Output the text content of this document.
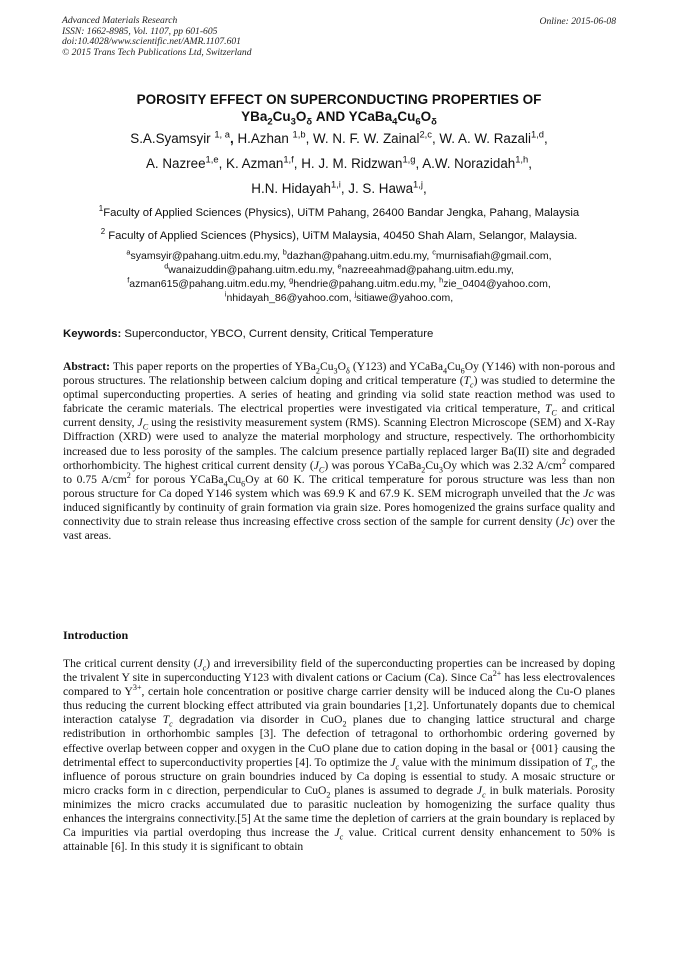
Advanced Materials Research
ISSN: 1662-8985, Vol. 1107, pp 601-605
doi:10.4028/www.scientific.net/AMR.1107.601
© 2015 Trans Tech Publications Ltd, Switzerland
Online: 2015-06-08
POROSITY EFFECT ON SUPERCONDUCTING PROPERTIES OF
$YBa_2Cu_3O_\delta$ AND $YCaBa_4Cu_6O_\delta$
S.A.Syamsyir $^{1, a}$, H.Azhan $^{1,b}$, W. N. F. W. Zainal$^{2,c}$, W. A. W. Razali$^{1,d}$,
A. Nazree$^{1,e}$, K. Azman$^{1,f}$, H. J. M. Ridzwan$^{1,g}$, A.W. Norazidah$^{1,h}$,
H.N. Hidayah$^{1,i}$, J. S. Hawa$^{1,j}$,
$^1$Faculty of Applied Sciences (Physics), UiTM Pahang, 26400 Bandar Jengka, Pahang, Malaysia
$^2$ Faculty of Applied Sciences (Physics), UiTM Malaysia, 40450 Shah Alam, Selangor, Malaysia.
$^a$syamsyir@pahang.uitm.edu.my, $^b$dazhan@pahang.uitm.edu.my, $^c$murnisafiah@gmail.com,
$^d$wanaizuddin@pahang.uitm.edu.my, $^e$nazreeahmad@pahang.uitm.edu.my,
$^f$azman615@pahang.uitm.edu.my, $^g$hendrie@pahang.uitm.edu.my, $^h$zie_0404@yahoo.com,
$^i$nhidayah_86@yahoo.com, $^j$sitiawe@yahoo.com,
Keywords: Superconductor, YBCO, Current density, Critical Temperature
Abstract: This paper reports on the properties of $YBa_2Cu_3O_\delta$ (Y123) and $YCaBa_4Cu_6Oy$ (Y146) with non-porous and porous structures. The relationship between calcium doping and critical temperature $(T_c)$ was studied to determine the optimal superconducting properties. A series of heating and grinding via solid state reaction method was used to fabricate the ceramic materials. The electrical properties were investigated via critical temperature, $T_C$ and critical current density, $J_C$ using the resistivity measurement system (RMS). Scanning Electron Microscope (SEM) and X-Ray Diffraction (XRD) were used to analyze the material morphology and structure, respectively. The orthorhombicity increased due to less porosity of the samples. The calcium presence partially replaced larger Ba(II) site and degraded orthorhombicity. The highest critical current density $(J_C)$ was porous $YCaBa_2Cu_3Oy$ which was 2.32 $A/cm^2$ compared to 0.75 $A/cm^2$ for porous $YCaBa_4Cu_6Oy$ at 60 K. The critical temperature for porous structure was less than non porous structure for Ca doped Y146 system which was 69.9 K and 67.9 K. SEM micrograph unveiled that the Jc was induced significantly by continuity of grain formation via grain size. Pores homogenized the grains surface quality and connectivity due to strain release thus increasing effective cross section of the sample for current density (Jc) over the vast areas.
Introduction
The critical current density $(J_c)$ and irreversibility field of the superconducting properties can be increased by doping the trivalent Y site in superconducting Y123 with divalent cations or Cacium (Ca). Since $Ca^{2+}$ has less electrovalences compared to $Y^{3+}$, certain hole concentration or positive charge carrier density will be induced along the Cu-O planes thus reducing the current blocking effect attributed via grain boundaries [1,2]. Unfortunately dopants due to chemical interaction catalyse $T_c$ degradation via disorder in CuO$_2$ planes due to changing lattice structural and charge redistribution in orthorhombic samples [3]. The defection of tetragonal to orthorhombic ordering governed by effective overlap between copper and oxygen in the CuO plane due to cation doping in the basal or {001} causing the detrimental effect to superconductivity properties [4]. To optimize the $J_c$ value with the minimum dissipation of $T_c$, the influence of porous structure on grain boundries induced by Ca doping is essential to study. A mosaic structure or micro cracks form in c direction, perpendicular to CuO$_2$ planes is assumed to degrade $J_c$ in bulk materials. Porosity minimizes the micro cracks accumulated due to parasitic nucleation by homogenizing the surface quality thus enhances the intergrains connectivity.[5] At the same time the depletion of carriers at the grain boundary is replaced by Ca impurities via partial overdoping thus increase the $J_c$ value. Critical current density enhancement to 50% is attainable [6]. In this study it is significant to obtain
